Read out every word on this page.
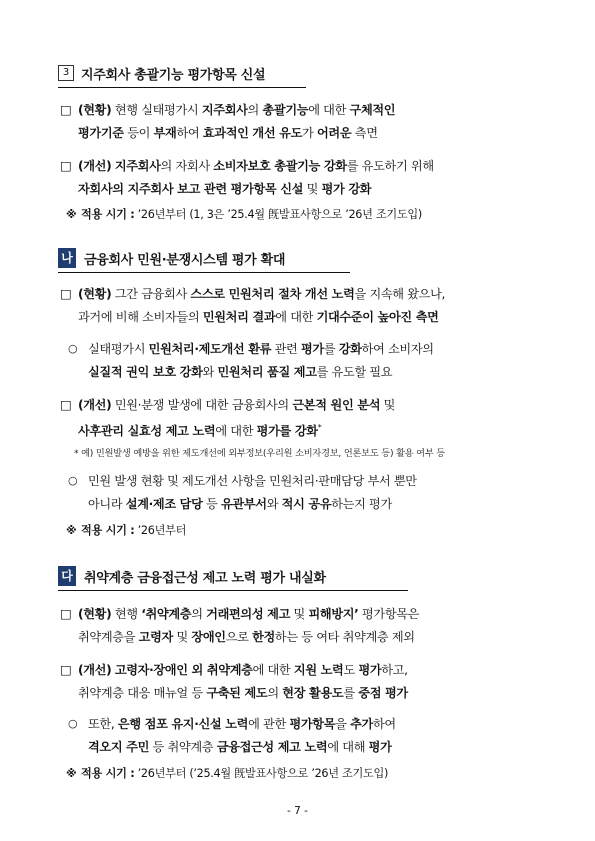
3 지주회사 총괄기능 평가항목 신설
□ (현황) 현행 실태평가시 지주회사의 총괄기능에 대한 구체적인
평가기준 등이 부재하여 효과적인 개선 유도가 어려운 측면
□ (개선) 지주회사의 자회사 소비자보호 총괄기능 강화를 유도하기 위해
자회사의 지주회사 보고 관련 평가항목 신설 및 평가 강화
※ 적용 시기 : ’26년부터 (1, 3은 ’25.4월 旣발표사항으로 ’26년 조기도입)
나 금융회사 민원·분쟁시스템 평가 확대
□ (현황) 그간 금융회사 스스로 민원처리 절차 개선 노력을 지속해 왔으나,
과거에 비해 소비자들의 민원처리 결과에 대한 기대수준이 높아진 측면
○ 실태평가시 민원처리·제도개선 환류 관련 평가를 강화하여 소비자의
실질적 권익 보호 강화와 민원처리 품질 제고를 유도할 필요
□ (개선) 민원·분쟁 발생에 대한 금융회사의 근본적 원인 분석 및
사후관리 실효성 제고 노력에 대한 평가를 강화*
* 예) 민원발생 예방을 위한 제도개선에 외부정보(우리원 소비자경보, 언론보도 등) 활용 여부 등
○ 민원 발생 현황 및 제도개선 사항을 민원처리·판매담당 부서 뿐만
아니라 설계·제조 담당 등 유관부서와 적시 공유하는지 평가
※ 적용 시기 : ’26년부터
다 취약계층 금융접근성 제고 노력 평가 내실화
□ (현황) 현행 ‘취약계층의 거래편의성 제고 및 피해방지’ 평가항목은
취약계층을 고령자 및 장애인으로 한정하는 등 여타 취약계층 제외
□ (개선) 고령자·장애인 외 취약계층에 대한 지원 노력도 평가하고,
취약계층 대응 매뉴얼 등 구축된 제도의 현장 활용도를 중점 평가
○ 또한, 은행 점포 유지·신설 노력에 관한 평가항목을 추가하여
격오지 주민 등 취약계층 금융접근성 제고 노력에 대해 평가
※ 적용 시기 : ’26년부터 (’25.4월 旣발표사항으로 ’26년 조기도입)
- 7 -
